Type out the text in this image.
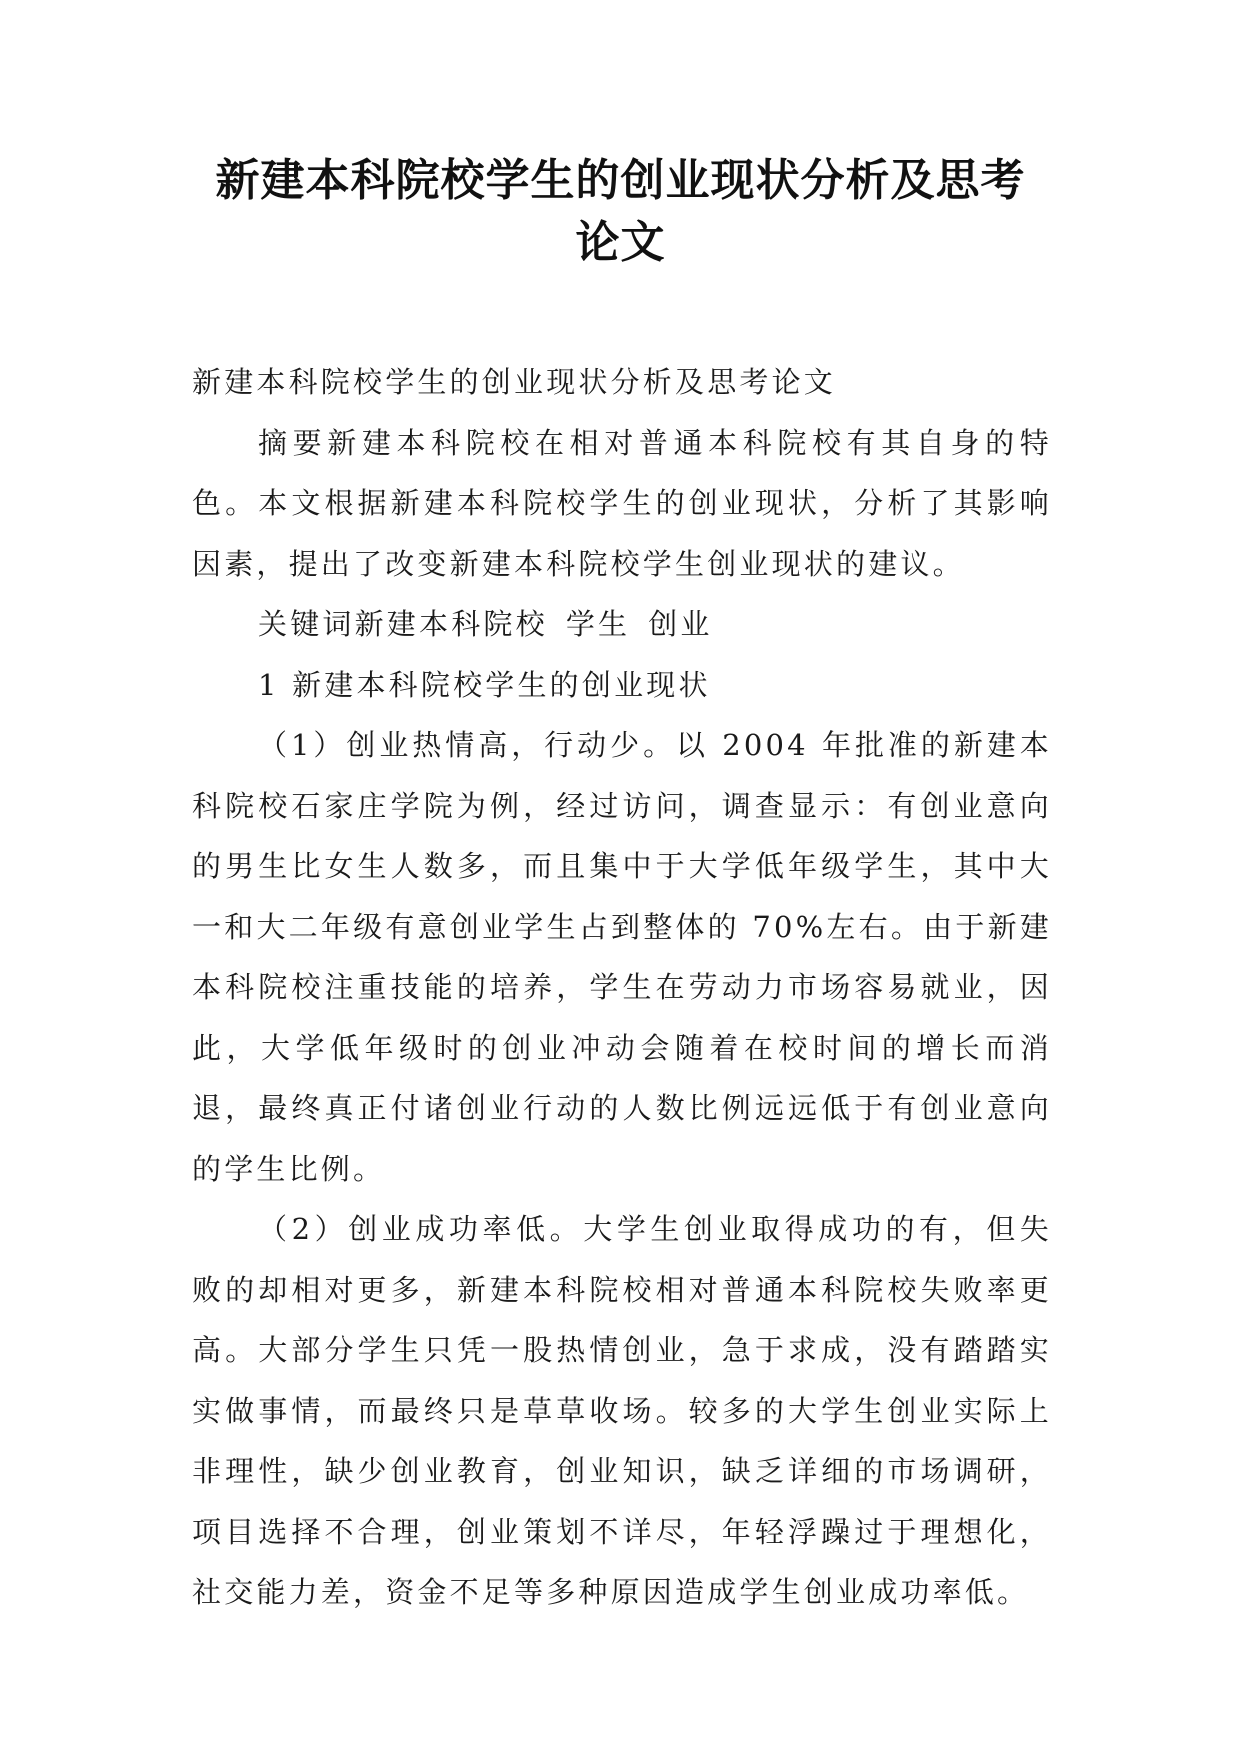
新建本科院校学生的创业现状分析及思考
论文

新建本科院校学生的创业现状分析及思考论文

摘要新建本科院校在相对普通本科院校有其自身的特色。本文根据新建本科院校学生的创业现状，分析了其影响因素，提出了改变新建本科院校学生创业现状的建议。

关键词新建本科院校 学生 创业

1 新建本科院校学生的创业现状

（1）创业热情高，行动少。以 2004 年批准的新建本科院校石家庄学院为例，经过访问，调查显示：有创业意向的男生比女生人数多，而且集中于大学低年级学生，其中大一和大二年级有意创业学生占到整体的 70%左右。由于新建本科院校注重技能的培养，学生在劳动力市场容易就业，因此，大学低年级时的创业冲动会随着在校时间的增长而消退，最终真正付诸创业行动的人数比例远远低于有创业意向的学生比例。

（2）创业成功率低。大学生创业取得成功的有，但失败的却相对更多，新建本科院校相对普通本科院校失败率更高。大部分学生只凭一股热情创业，急于求成，没有踏踏实实做事情，而最终只是草草收场。较多的大学生创业实际上非理性，缺少创业教育，创业知识，缺乏详细的市场调研，项目选择不合理，创业策划不详尽，年轻浮躁过于理想化，社交能力差，资金不足等多种原因造成学生创业成功率低。
